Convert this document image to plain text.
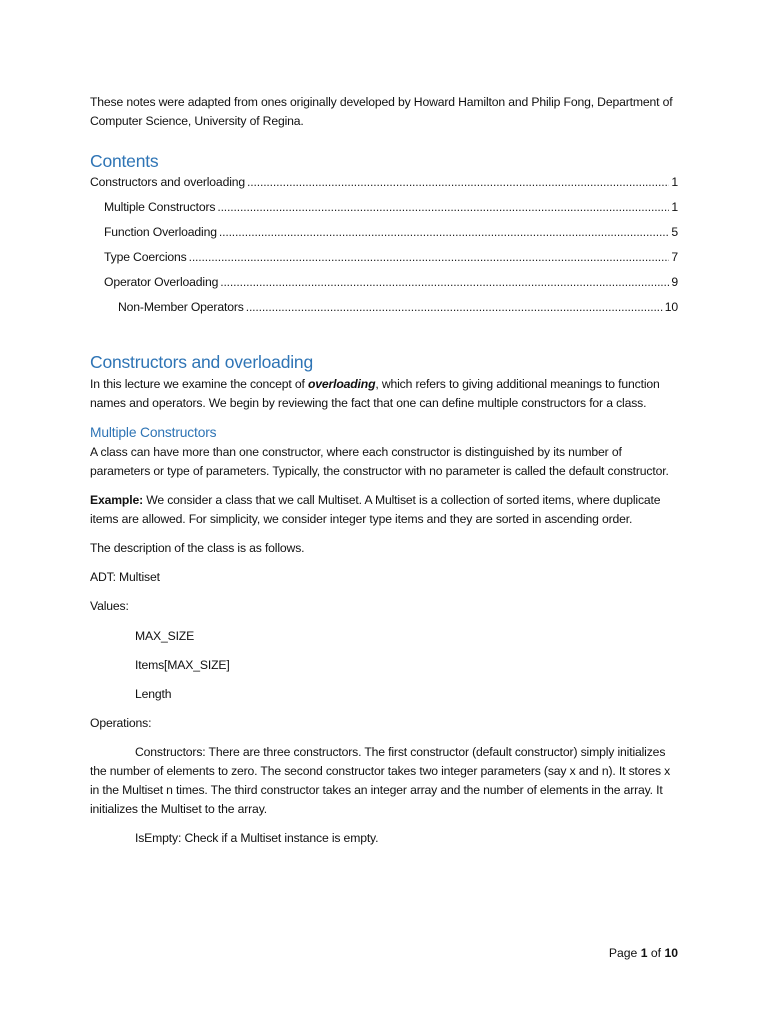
These notes were adapted from ones originally developed by Howard Hamilton and Philip Fong, Department of Computer Science, University of Regina.

Contents
Constructors and overloading .....	1
Multiple Constructors .....	1
Function Overloading .....	5
Type Coercions .....	7
Operator Overloading .....	9
Non-Member Operators .....	10
Constructors and overloading

In this lecture we examine the concept of overloading, which refers to giving additional meanings to function names and operators. We begin by reviewing the fact that one can define multiple constructors for a class.

Multiple Constructors

A class can have more than one constructor, where each constructor is distinguished by its number of parameters or type of parameters. Typically, the constructor with no parameter is called the default constructor.

Example: We consider a class that we call Multiset. A Multiset is a collection of sorted items, where duplicate items are allowed. For simplicity, we consider integer type items and they are sorted in ascending order.

The description of the class is as follows.

ADT: Multiset

Values:

MAX_SIZE

Items[MAX_SIZE]

Length

Operations:

Constructors: There are three constructors. The first constructor (default constructor) simply initializes the number of elements to zero. The second constructor takes two integer parameters (say x and n). It stores x in the Multiset n times. The third constructor takes an integer array and the number of elements in the array. It initializes the Multiset to the array.

IsEmpty: Check if a Multiset instance is empty.

Page 1 of 10
